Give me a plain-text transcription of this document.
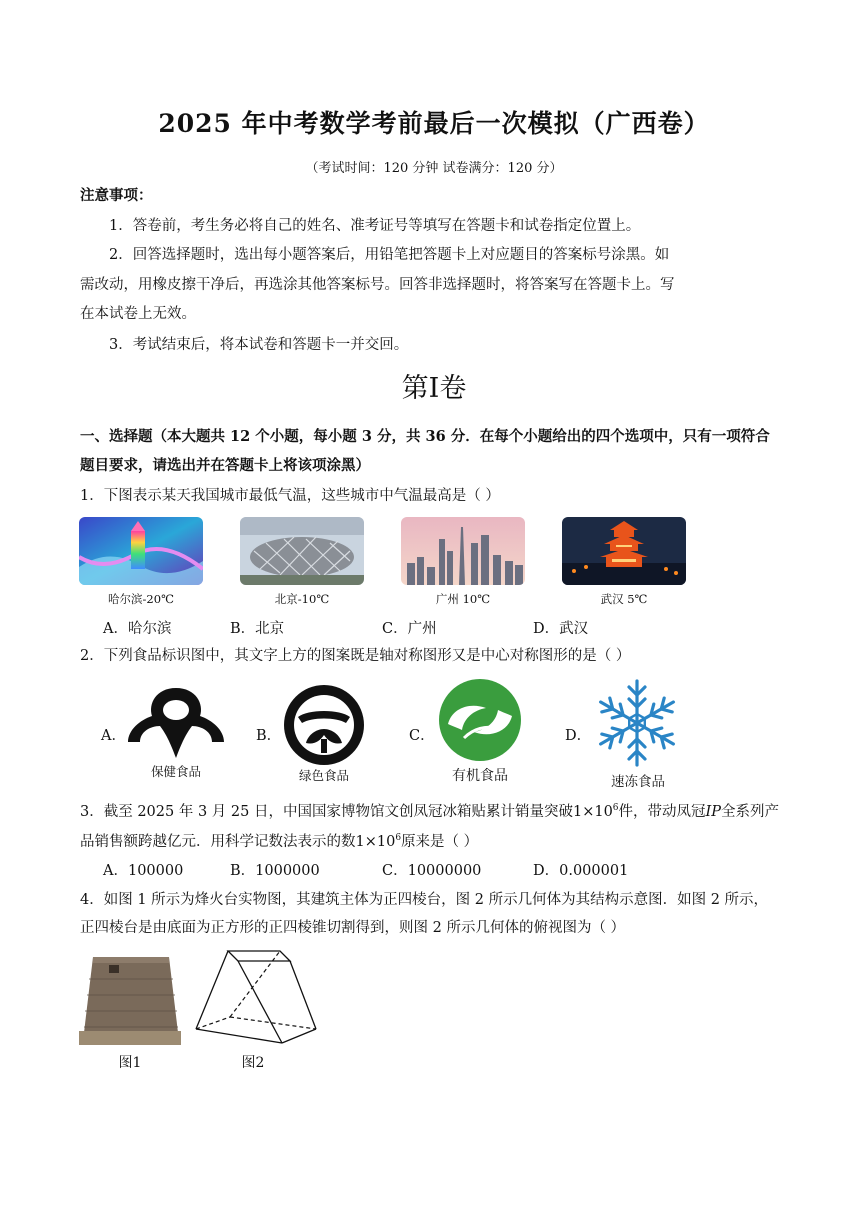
2025 年中考数学考前最后一次模拟（广西卷）
（考试时间：120 分钟 试卷满分：120 分）
注意事项：
1．答卷前，考生务必将自己的姓名、准考证号等填写在答题卡和试卷指定位置上。
2．回答选择题时，选出每小题答案后，用铅笔把答题卡上对应题目的答案标号涂黑。如
需改动，用橡皮擦干净后，再选涂其他答案标号。回答非选择题时，将答案写在答题卡上。写
在本试卷上无效。
3．考试结束后，将本试卷和答题卡一并交回。
第Ⅰ卷
一、选择题（本大题共 12 个小题，每小题 3 分，共 36 分．在每个小题给出的四个选项中，只有一项符合
题目要求，请选出并在答题卡上将该项涂黑）
1．下图表示某天我国城市最低气温，这些城市中气温最高是（ ）
哈尔滨-20℃	北京-10℃	广州 10℃	武汉 5℃
A．哈尔滨	B．北京	C．广州	D．武汉
2．下列食品标识图中，其文字上方的图案既是轴对称图形又是中心对称图形的是（ ）
A．	B．	C．	D．
保健食品	绿色食品	有机食品	速冻食品
3．截至 2025 年 3 月 25 日，中国国家博物馆文创凤冠冰箱贴累计销量突破$1\times 10^6$件，带动凤冠IP全系列产
品销售额跨越亿元．用科学记数法表示的数$1\times 10^6$原来是（ ）
A．100000	B．1000000	C．10000000	D．0.000001
4．如图 1 所示为烽火台实物图，其建筑主体为正四棱台，图 2 所示几何体为其结构示意图．如图 2 所示，
正四棱台是由底面为正方形的正四棱锥切割得到，则图 2 所示几何体的俯视图为（ ）
图1	图2
